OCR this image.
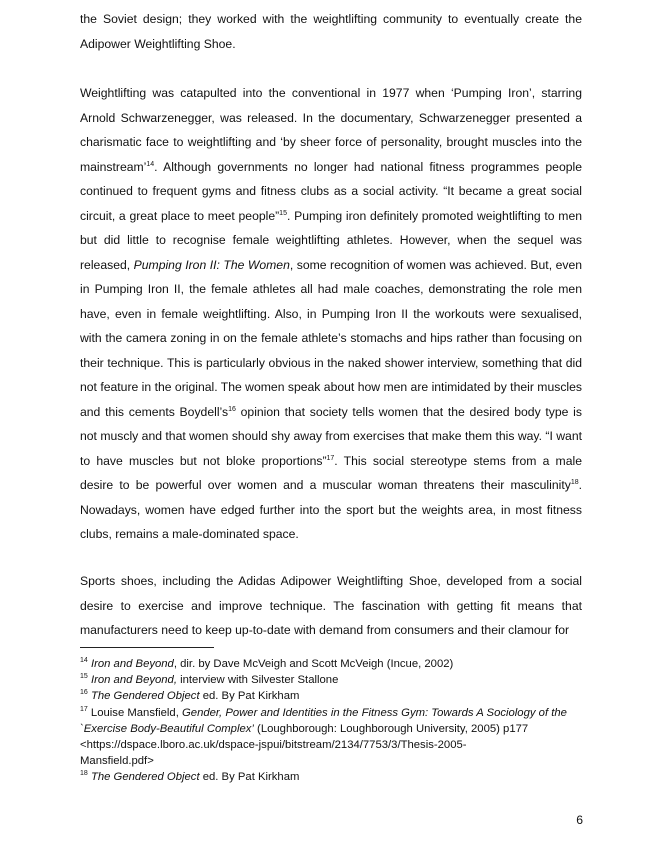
the Soviet design; they worked with the weightlifting community to eventually create the Adipower Weightlifting Shoe.

Weightlifting was catapulted into the conventional in 1977 when ‘Pumping Iron’, starring Arnold Schwarzenegger, was released. In the documentary, Schwarzenegger presented a charismatic face to weightlifting and ‘by sheer force of personality, brought muscles into the mainstream’$^{14}$. Although governments no longer had national fitness programmes people continued to frequent gyms and fitness clubs as a social activity. “It became a great social circuit, a great place to meet people”$^{15}$. Pumping iron definitely promoted weightlifting to men but did little to recognise female weightlifting athletes. However, when the sequel was released, Pumping Iron II: The Women, some recognition of women was achieved. But, even in Pumping Iron II, the female athletes all had male coaches, demonstrating the role men have, even in female weightlifting. Also, in Pumping Iron II the workouts were sexualised, with the camera zoning in on the female athlete’s stomachs and hips rather than focusing on their technique. This is particularly obvious in the naked shower interview, something that did not feature in the original. The women speak about how men are intimidated by their muscles and this cements $Boydell’s^{16}$ opinion that society tells women that the desired body type is not muscly and that women should shy away from exercises that make them this way. “I want to have muscles but not bloke proportions”$^{17}$. This social stereotype stems from a male desire to be powerful over women and a muscular woman threatens their masculinity$^{18}$. Nowadays, women have edged further into the sport but the weights area, in most fitness clubs, remains a male-dominated space.

Sports shoes, including the Adidas Adipower Weightlifting Shoe, developed from a social desire to exercise and improve technique. The fascination with getting fit means that manufacturers need to keep up-to-date with demand from consumers and their clamour for

$^{14}$ Iron and Beyond, dir. by Dave McVeigh and Scott McVeigh (Incue, 2002)
$^{15}$ Iron and Beyond, interview with Silvester Stallone
$^{16}$ The Gendered Object ed. By Pat Kirkham
$^{17}$ Louise Mansfield, Gender, Power and Identities in the Fitness Gym: Towards A Sociology of the `Exercise Body-Beautiful Complex’ (Loughborough: Loughborough University, 2005) p177
<https://dspace.lboro.ac.uk/dspace-jspui/bitstream/2134/7753/3/Thesis-2005-
Mansfield.pdf>
$^{18}$ The Gendered Object ed. By Pat Kirkham
6
